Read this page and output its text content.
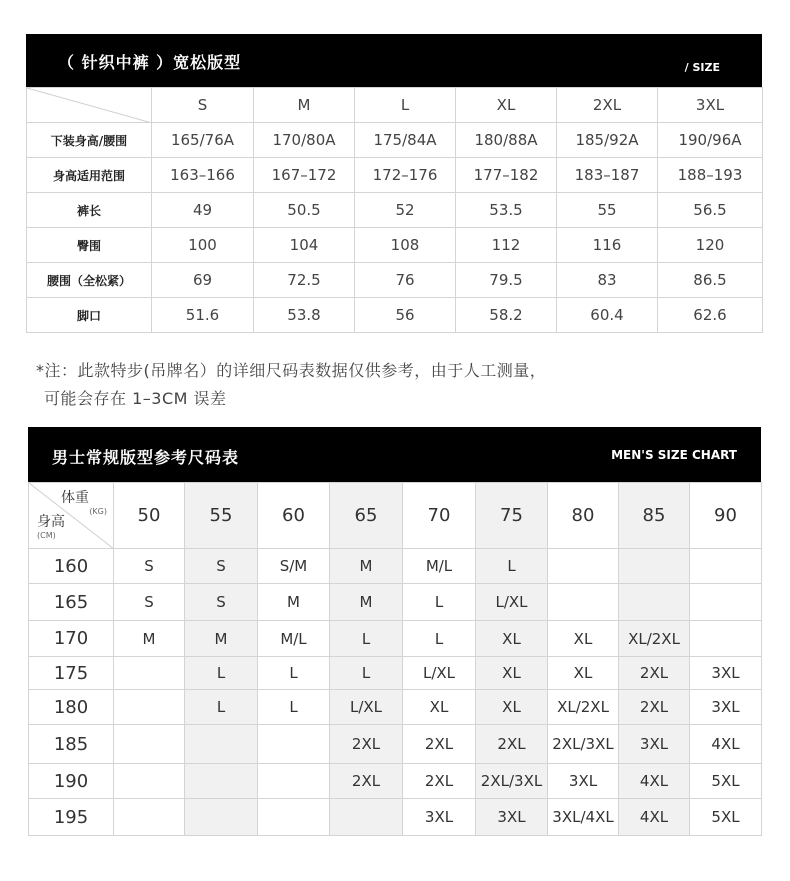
（ 针织中裤 ）宽松版型	/ SIZE
	S	M	L	XL	2XL	3XL
下装身高/腰围	165/76A	170/80A	175/84A	180/88A	185/92A	190/96A
身高适用范围	163–166	167–172	172–176	177–182	183–187	188–193
裤长	49	50.5	52	53.5	55	56.5
臀围	100	104	108	112	116	120
腰围（全松紧）	69	72.5	76	79.5	83	86.5
脚口	51.6	53.8	56	58.2	60.4	62.6
*注：此款特步(吊牌名）的详细尺码表数据仅供参考，由于人工测量，
可能会存在 1–3CM 误差
男士常规版型参考尺码表	MEN'S SIZE CHART
体重
(KG)
身高
(CM)	50	55	60	65	70	75	80	85	90
160	S	S	S/M	M	M/L	L			
165	S	S	M	M	L	L/XL			
170	M	M	M/L	L	L	XL	XL	XL/2XL	
175		L	L	L	L/XL	XL	XL	2XL	3XL
180		L	L	L/XL	XL	XL	XL/2XL	2XL	3XL
185				2XL	2XL	2XL	2XL/3XL	3XL	4XL
190				2XL	2XL	2XL/3XL	3XL	4XL	5XL
195					3XL	3XL	3XL/4XL	4XL	5XL
